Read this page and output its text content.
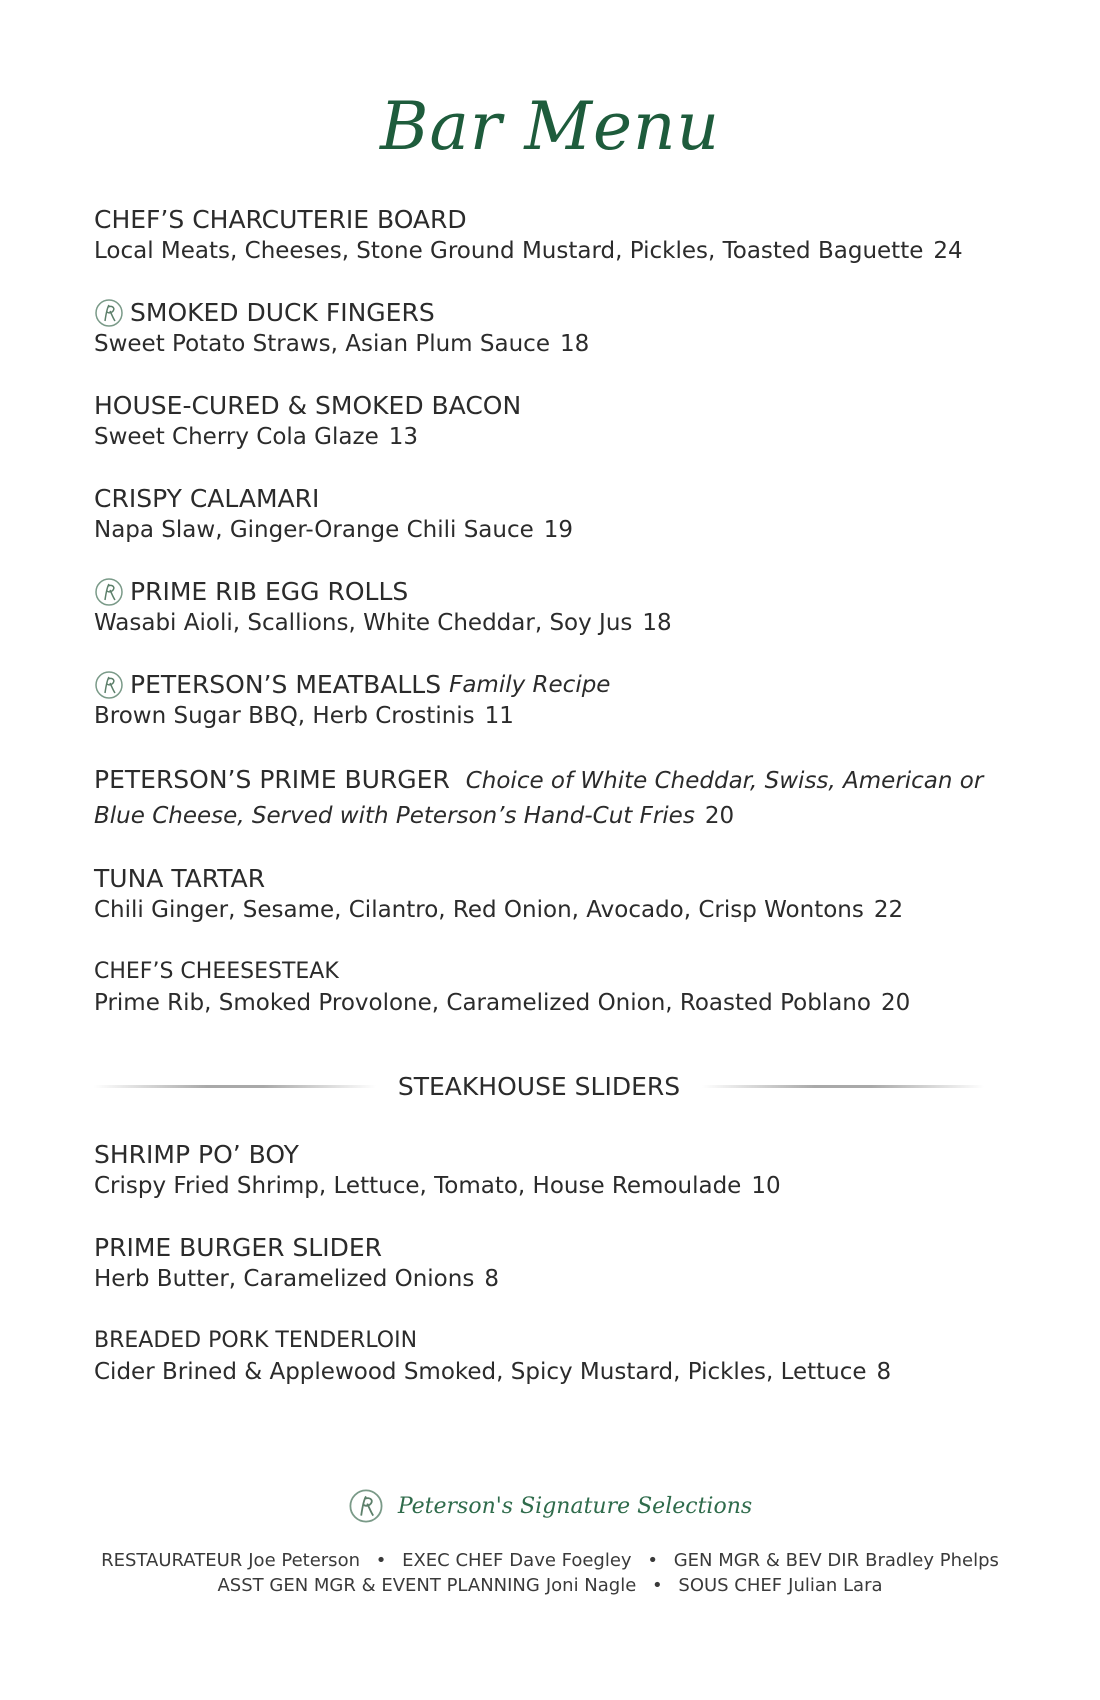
Bar Menu
CHEF’S CHARCUTERIE BOARD
Local Meats, Cheeses, Stone Ground Mustard, Pickles, Toasted Baguette 24
SMOKED DUCK FINGERS
Sweet Potato Straws, Asian Plum Sauce 18
HOUSE-CURED & SMOKED BACON
Sweet Cherry Cola Glaze 13
CRISPY CALAMARI
Napa Slaw, Ginger-Orange Chili Sauce 19
PRIME RIB EGG ROLLS
Wasabi Aioli, Scallions, White Cheddar, Soy Jus 18
PETERSON’S MEATBALLS Family Recipe
Brown Sugar BBQ, Herb Crostinis 11
PETERSON’S PRIME BURGER Choice of White Cheddar, Swiss, American or Blue Cheese, Served with Peterson’s Hand-Cut Fries 20
TUNA TARTAR
Chili Ginger, Sesame, Cilantro, Red Onion, Avocado, Crisp Wontons 22
CHEF’S CHEESESTEAK
Prime Rib, Smoked Provolone, Caramelized Onion, Roasted Poblano 20
STEAKHOUSE SLIDERS
SHRIMP PO’ BOY
Crispy Fried Shrimp, Lettuce, Tomato, House Remoulade 10
PRIME BURGER SLIDER
Herb Butter, Caramelized Onions 8
BREADED PORK TENDERLOIN
Cider Brined & Applewood Smoked, Spicy Mustard, Pickles, Lettuce 8
Peterson's Signature Selections
RESTAURATEUR Joe Peterson • EXEC CHEF Dave Foegley • GEN MGR & BEV DIR Bradley Phelps
ASST GEN MGR & EVENT PLANNING Joni Nagle • SOUS CHEF Julian Lara
